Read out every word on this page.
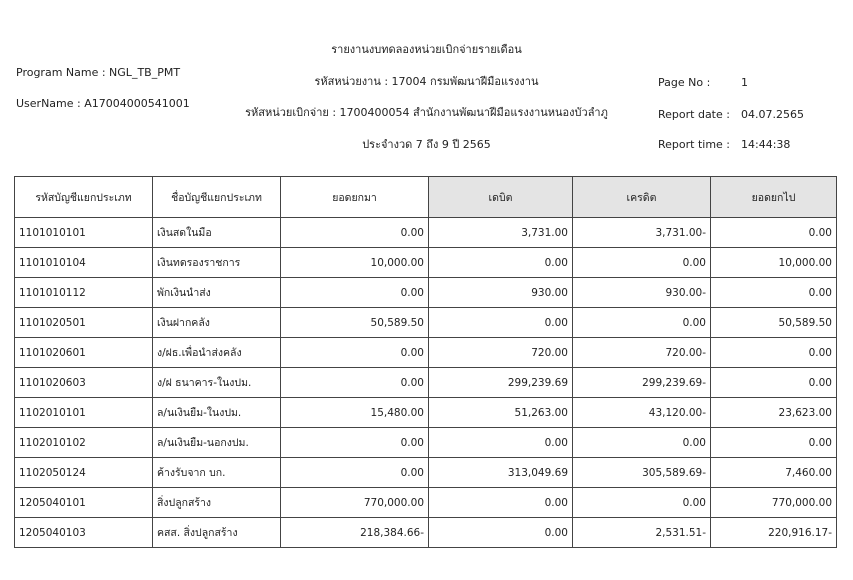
รายงานงบทดลองหน่วยเบิกจ่ายรายเดือน
รหัสหน่วยงาน : 17004 กรมพัฒนาฝีมือแรงงาน
รหัสหน่วยเบิกจ่าย : 1700400054 สำนักงานพัฒนาฝีมือแรงงานหนองบัวลำภู
ประจำงวด 7 ถึง 9 ปี 2565
Program Name : NGL_TB_PMT
UserName : A17004000541001
Page No :	1
Report date : 04.07.2565
Report time : 14:44:38
รหัสบัญชีแยกประเภท	ชื่อบัญชีแยกประเภท	ยอดยกมา	เดบิต	เครดิต	ยอดยกไป
1101010101	เงินสดในมือ	0.00	3,731.00	3,731.00-	0.00
1101010104	เงินทดรองราชการ	10,000.00	0.00	0.00	10,000.00
1101010112	พักเงินนำส่ง	0.00	930.00	930.00-	0.00
1101020501	เงินฝากคลัง	50,589.50	0.00	0.00	50,589.50
1101020601	ง/ฝธ.เพื่อนำส่งคลัง	0.00	720.00	720.00-	0.00
1101020603	ง/ฝ ธนาคาร-ในงปม.	0.00	299,239.69	299,239.69-	0.00
1102010101	ล/นเงินยืม-ในงปม.	15,480.00	51,263.00	43,120.00-	23,623.00
1102010102	ล/นเงินยืม-นอกงปม.	0.00	0.00	0.00	0.00
1102050124	ค้างรับจาก บก.	0.00	313,049.69	305,589.69-	7,460.00
1205040101	สิ่งปลูกสร้าง	770,000.00	0.00	0.00	770,000.00
1205040103	คสส. สิ่งปลูกสร้าง	218,384.66-	0.00	2,531.51-	220,916.17-
